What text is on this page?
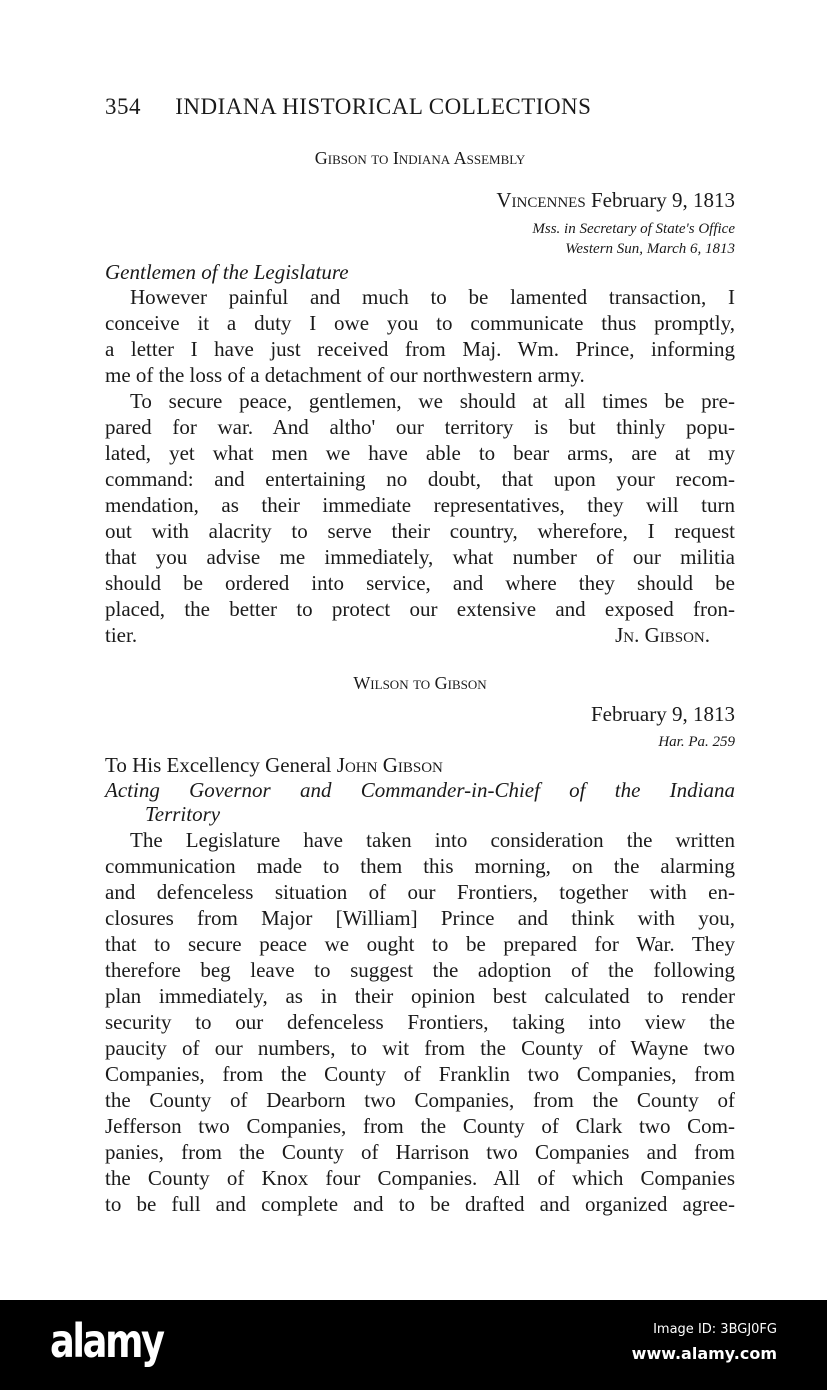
354 INDIANA HISTORICAL COLLECTIONS
Gibson to Indiana Assembly
Vincennes February 9, 1813
Mss. in Secretary of State's Office
Western Sun, March 6, 1813
Gentlemen of the Legislature
However painful and much to be lamented transaction, I
conceive it a duty I owe you to communicate thus promptly,
a letter I have just received from Maj. Wm. Prince, informing
me of the loss of a detachment of our northwestern army.
To secure peace, gentlemen, we should at all times be pre-
pared for war. And altho' our territory is but thinly popu-
lated, yet what men we have able to bear arms, are at my
command: and entertaining no doubt, that upon your recom-
mendation, as their immediate representatives, they will turn
out with alacrity to serve their country, wherefore, I request
that you advise me immediately, what number of our militia
should be ordered into service, and where they should be
placed, the better to protect our extensive and exposed fron-
tier.	Jn. Gibson.
Wilson to Gibson
February 9, 1813
Har. Pa. 259
To His Excellency General John Gibson
Acting Governor and Commander-in-Chief of the Indiana
Territory
The Legislature have taken into consideration the written
communication made to them this morning, on the alarming
and defenceless situation of our Frontiers, together with en-
closures from Major [William] Prince and think with you,
that to secure peace we ought to be prepared for War. They
therefore beg leave to suggest the adoption of the following
plan immediately, as in their opinion best calculated to render
security to our defenceless Frontiers, taking into view the
paucity of our numbers, to wit from the County of Wayne two
Companies, from the County of Franklin two Companies, from
the County of Dearborn two Companies, from the County of
Jefferson two Companies, from the County of Clark two Com-
panies, from the County of Harrison two Companies and from
the County of Knox four Companies. All of which Companies
to be full and complete and to be drafted and organized agree-
alamy	Image ID: 3BGJ0FG
www.alamy.com
